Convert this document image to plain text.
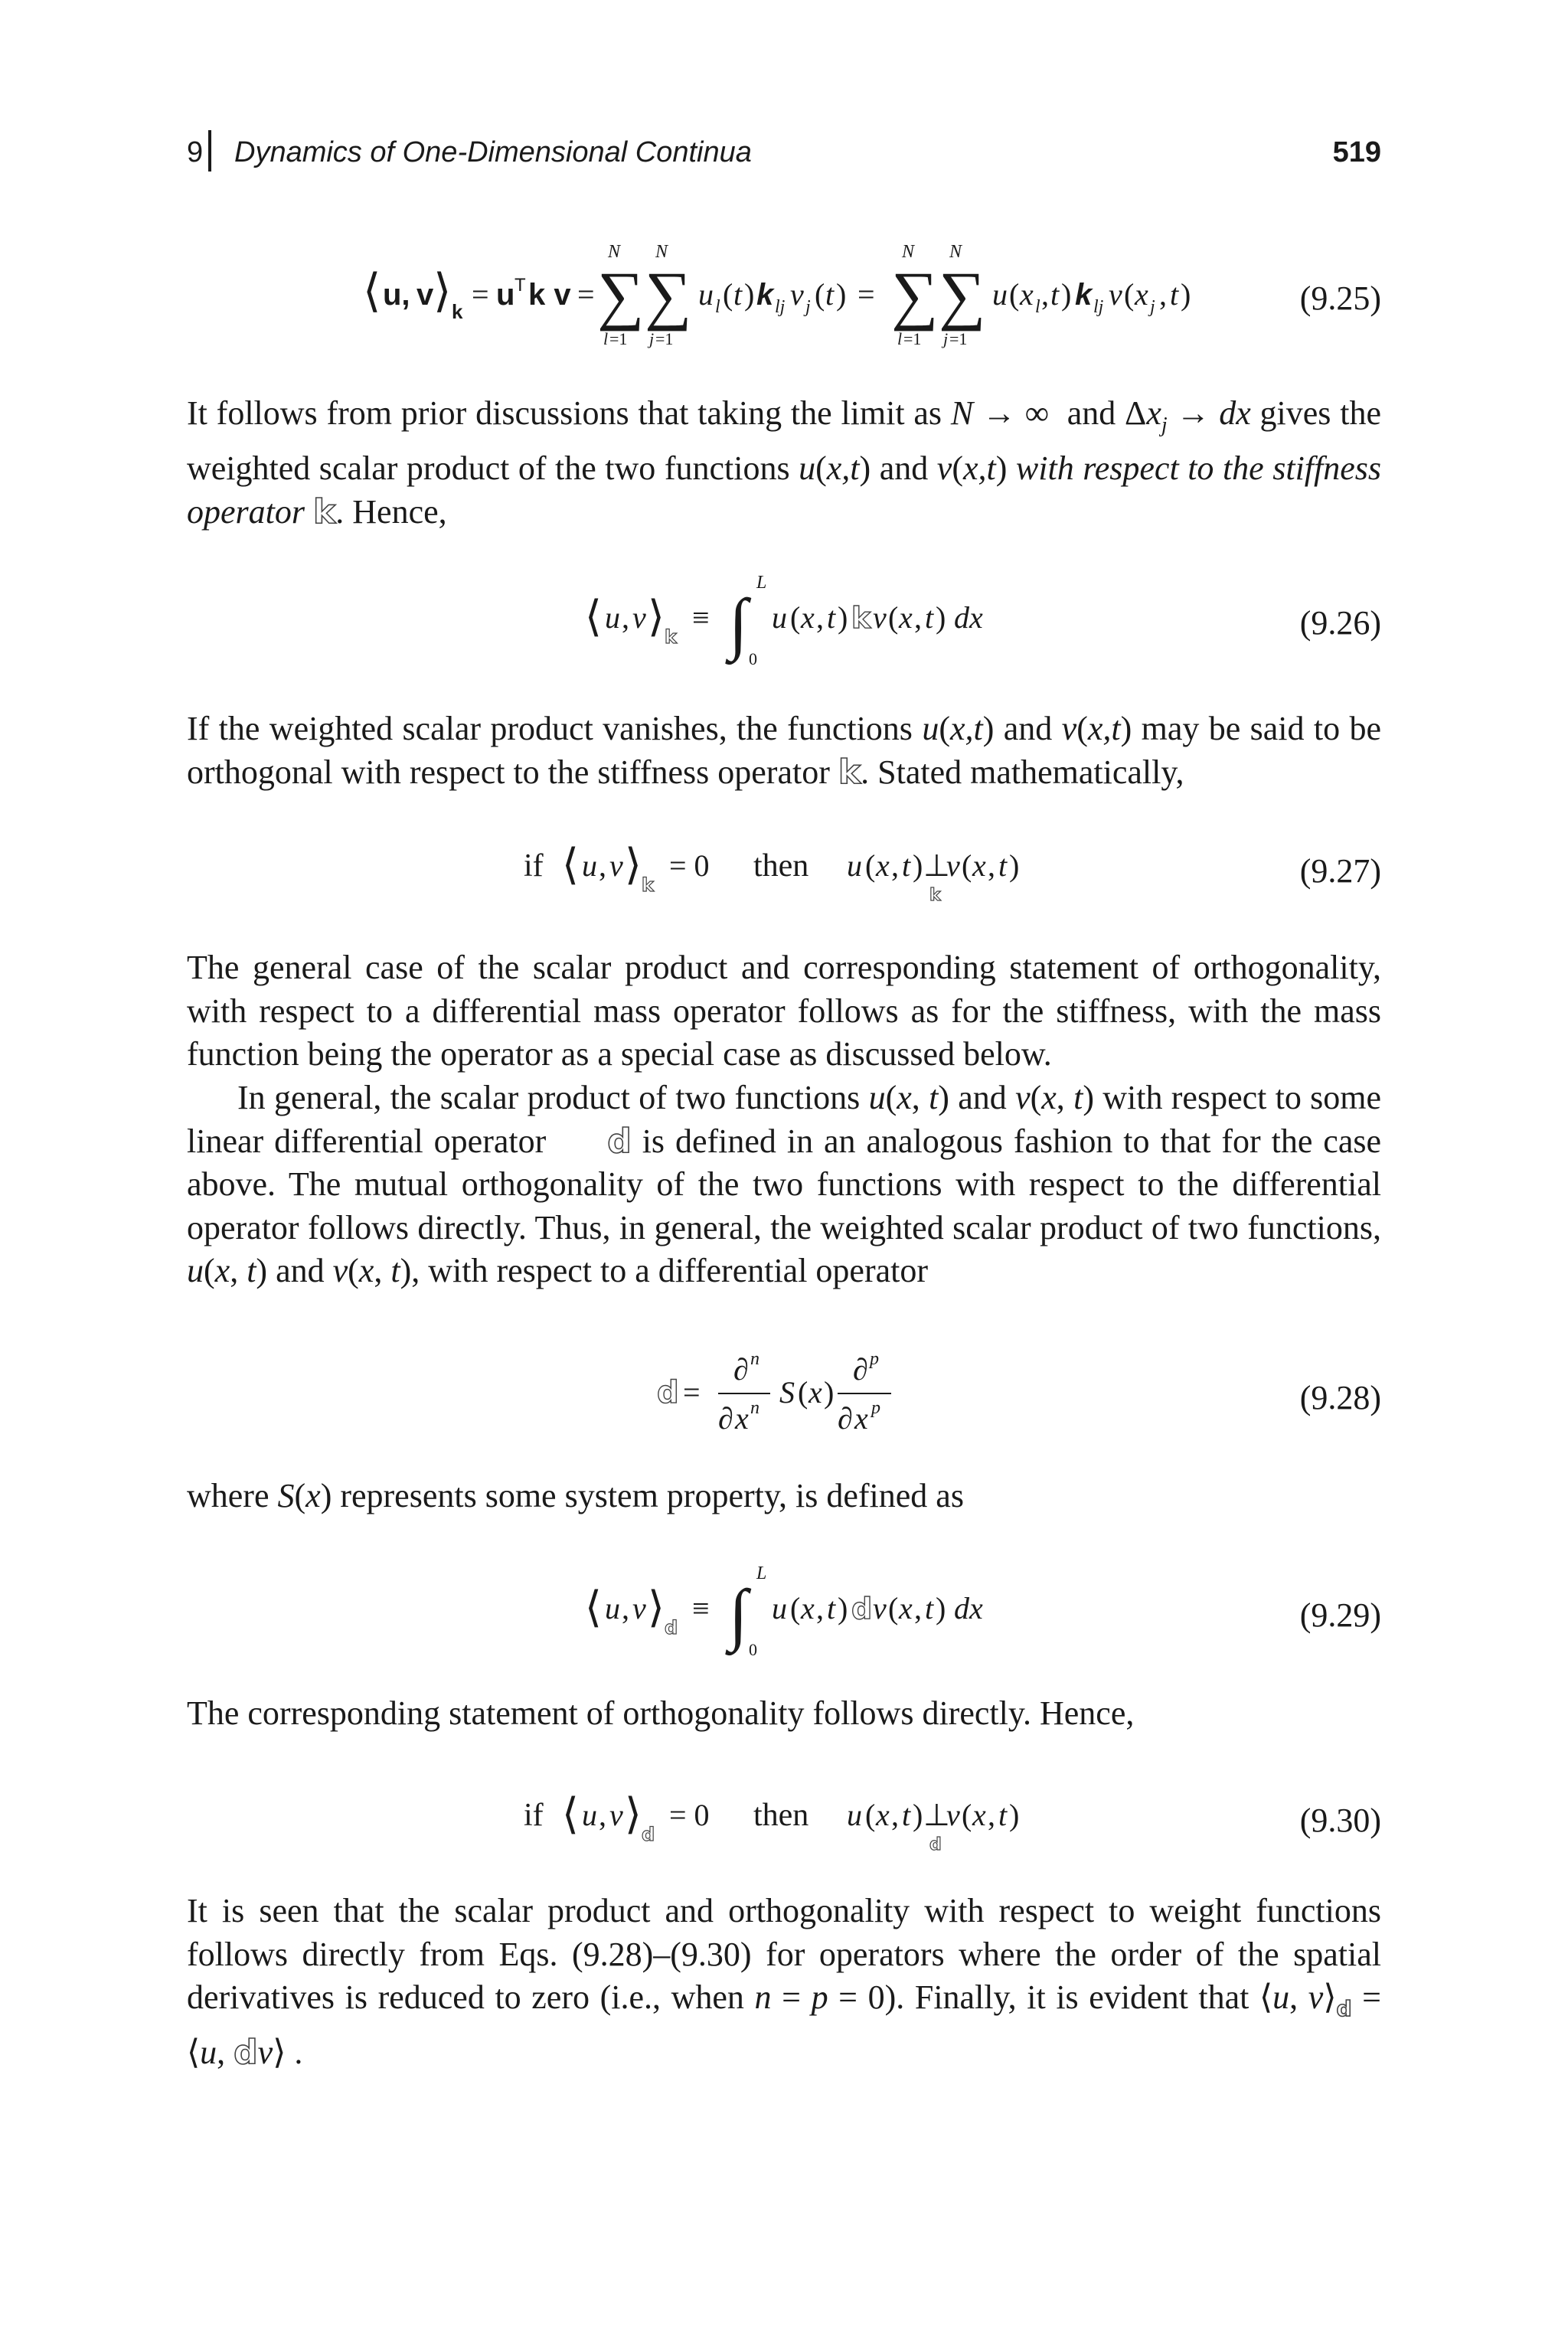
9 Dynamics of One-Dimensional Continua	519
⟨ u, v ⟩ k = u T k v =
N N
∑ ∑
l =1 j =1
u l ( t ) k lj v j ( t ) =
N N
∑ ∑
l =1 j =1
u ( x l , t ) k lj v ( x j , t )	(9.25)

It follows from prior discussions that taking the limit as N → ∞  and $\Delta x_j$ → dx gives the weighted scalar product of the two functions u(x,t) and v(x,t) with respect to the stiffness operator k. Hence,

⟨ u , v ⟩ k
≡ ∫
L
0
u ( x , t ) k v ( x , t ) dx	(9.26)

If the weighted scalar product vanishes, the functions u(x,t) and v(x,t) may be said to be orthogonal with respect to the stiffness operator k. Stated mathematically,

if ⟨ u , v ⟩ k
= 0 then u ( x , t ) ⊥
k
v ( x , t )	(9.27)

The general case of the scalar product and corresponding statement of orthogonality, with respect to a differential mass operator follows as for the stiffness, with the mass function being the operator as a special case as discussed below.

In general, the scalar product of two functions u(x, t) and v(x, t) with respect to some linear differential operator d is defined in an analogous fashion to that for the case above. The mutual orthogonality of the two functions with respect to the differential operator follows directly. Thus, in general, the weighted scalar product of two functions, u(x, t) and v(x, t), with respect to a differential operator

d =
∂ n
∂ x n S ( x )
∂ p
∂ x p	(9.28)

where S(x) represents some system property, is defined as

⟨ u , v ⟩ d
≡ ∫
L
0
u ( x , t ) d v ( x , t ) dx	(9.29)

The corresponding statement of orthogonality follows directly. Hence,

if ⟨ u , v ⟩ d
= 0 then u ( x , t ) ⊥
d
v ( x , t )	(9.30)

It is seen that the scalar product and orthogonality with respect to weight functions follows directly from Eqs. (9.28)–(9.30) for operators where the order of the spatial derivatives is reduced to zero (i.e., when n = p = 0). Finally, it is evident that ⟨u, $v⟩_d$ = ⟨u, dv⟩ .
